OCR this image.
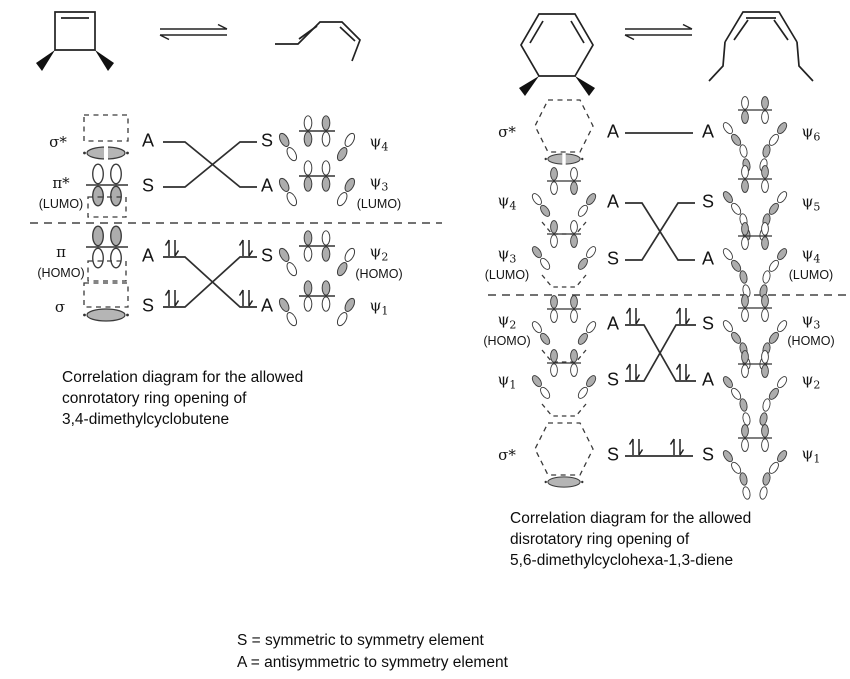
σ*
π*
(LUMO)
π
(HOMO)
σ
A
S
A
S
S
A
S
A
$\psi_4$
$\psi_3$
(LUMO)
$\psi_2$
(HOMO)
$\psi_1$
σ*
$\psi_4$
$\psi_3$
(LUMO)
$\psi_2$
(HOMO)
$\psi_1$
σ*
A
A
S
A
S
S
A
S
A
S
A
S
$\psi_6$
$\psi_5$
$\psi_4$
(LUMO)
$\psi_3$
(HOMO)
$\psi_2$
$\psi_1$
Correlation diagram for the allowed
conrotatory ring opening of
3,4-dimethylcyclobutene
Correlation diagram for the allowed
disrotatory ring opening of
5,6-dimethylcyclohexa-1,3-diene
S = symmetric to symmetry element
A = antisymmetric to symmetry element
